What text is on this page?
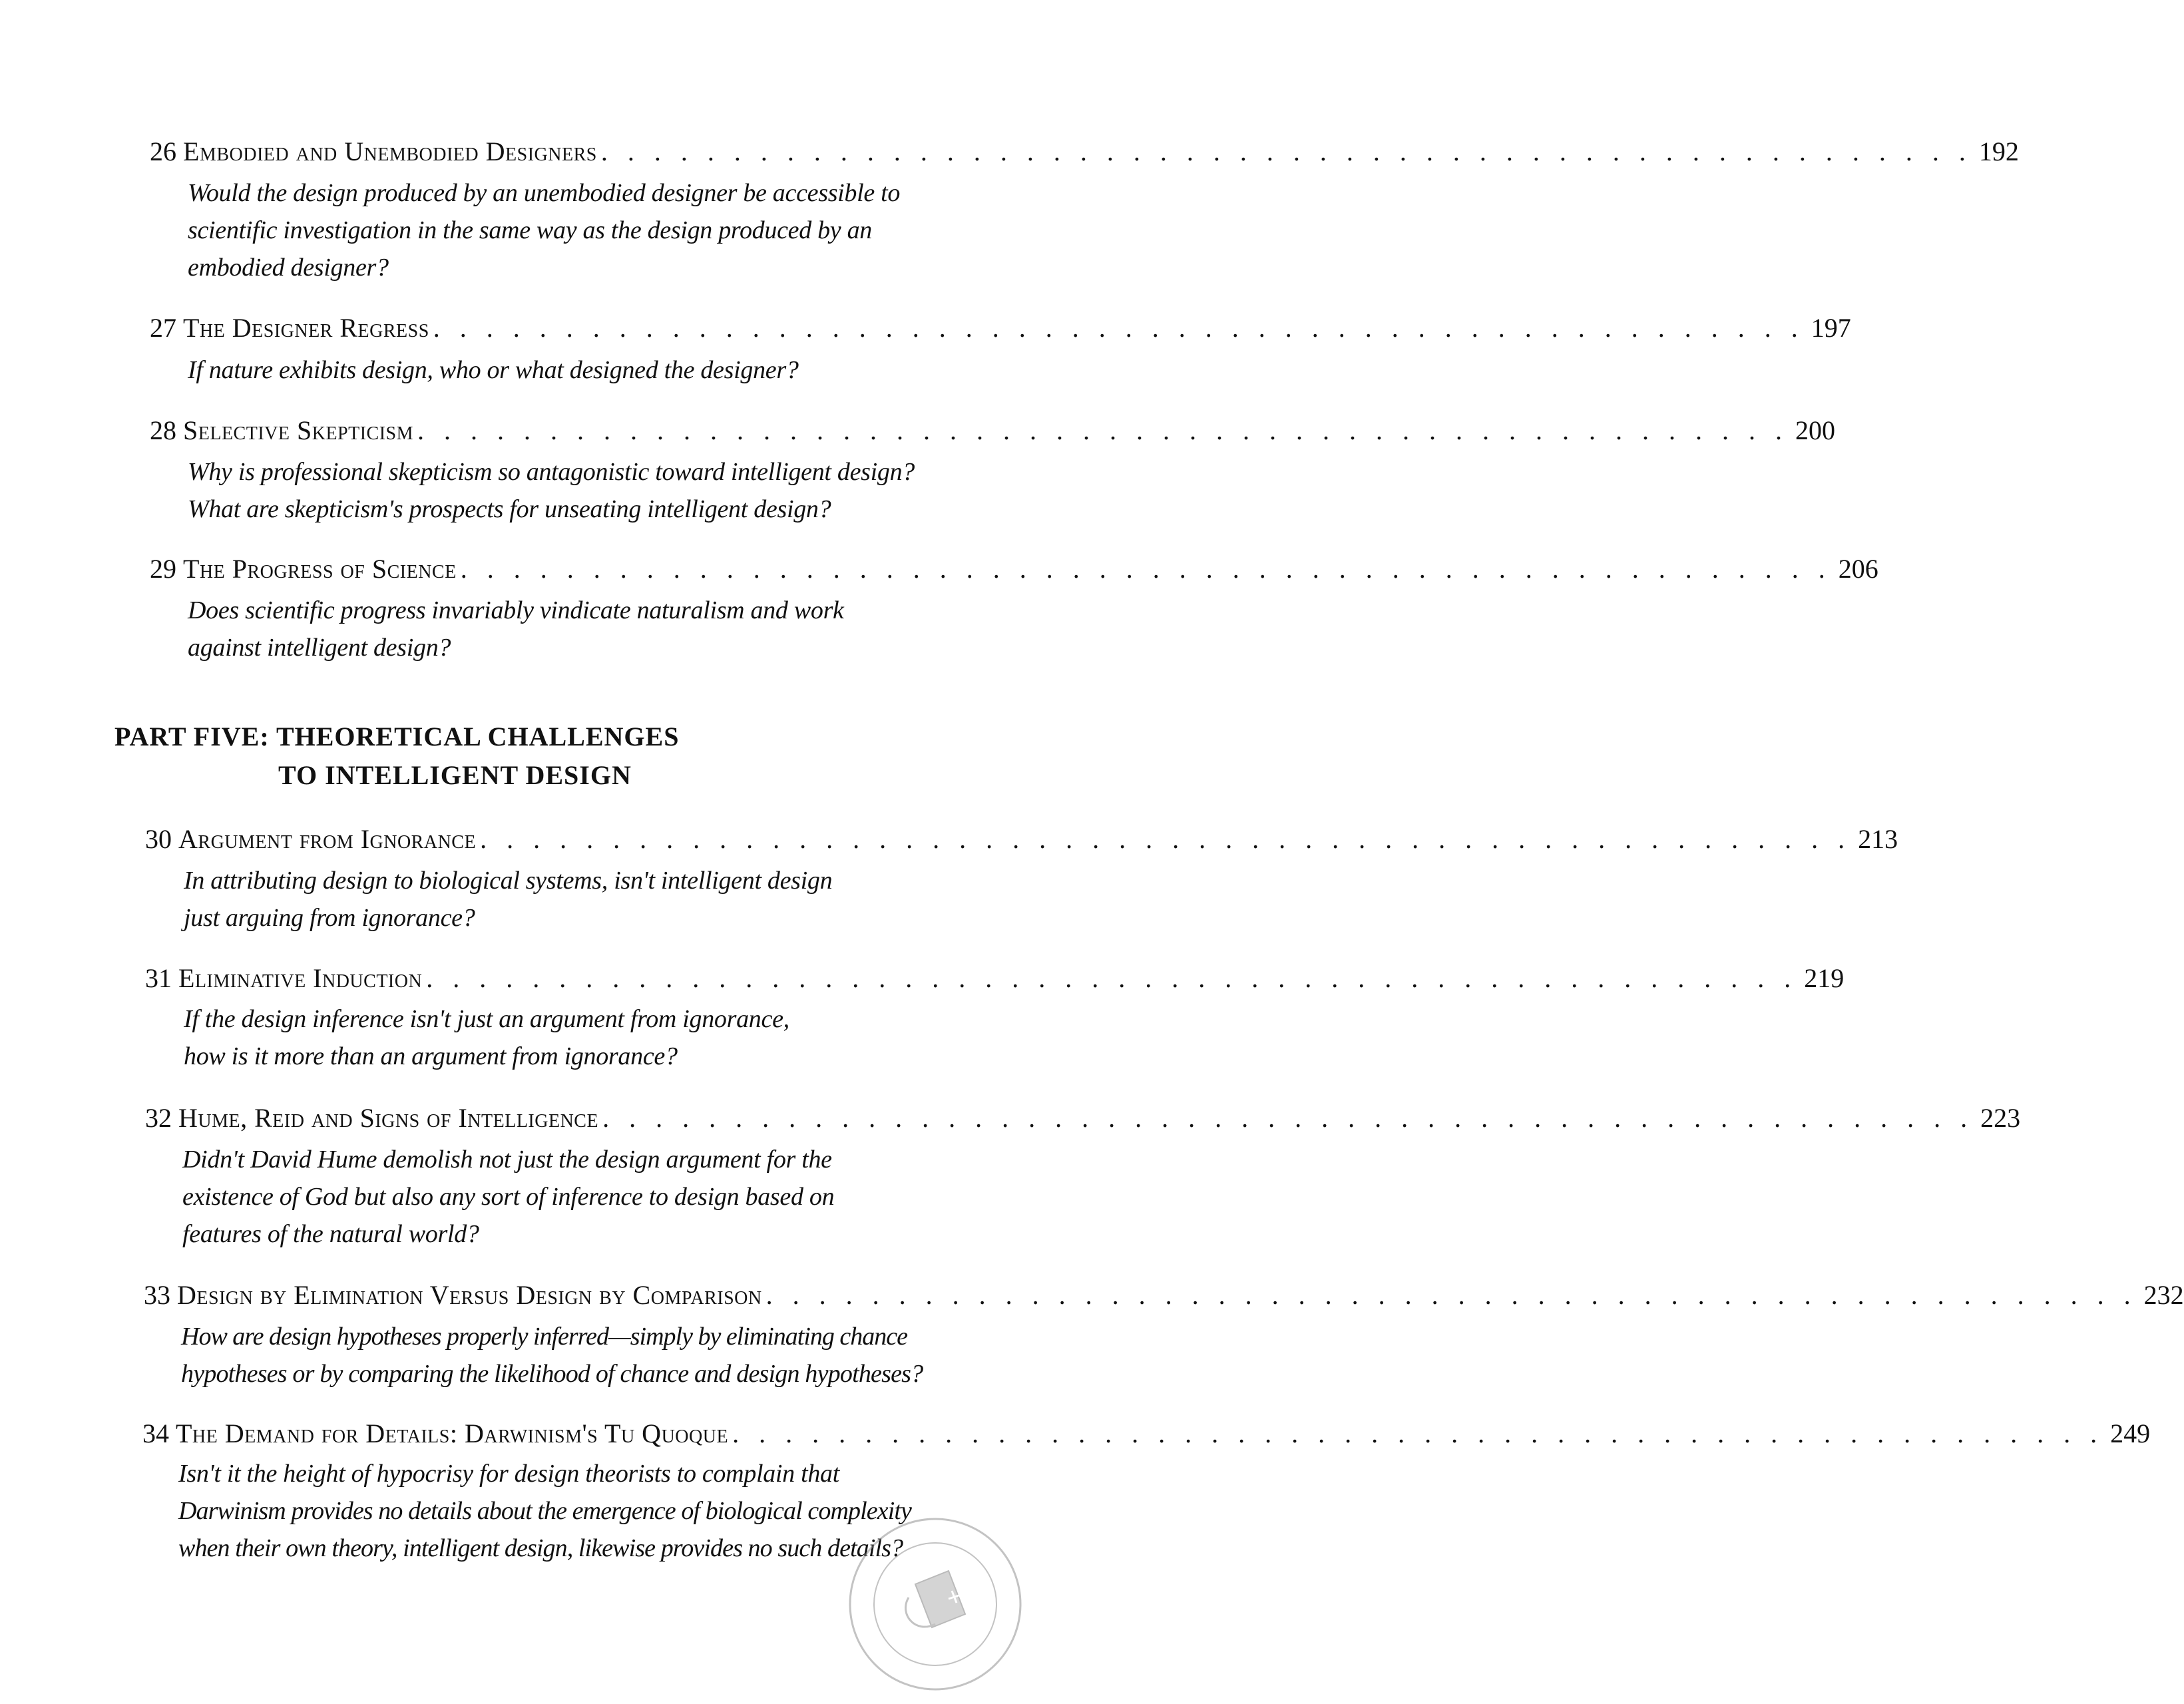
26
Embodied and Unembodied Designers . . . . . . . . . . . . . . . . . . . . . . . . . . . . . . . . . . . . . . . . . . . . . . . . . . . . 192
Would the design produced by an unembodied designer be accessible to
scientific investigation in the same way as the design produced by an
embodied designer?
27
The Designer Regress . . . . . . . . . . . . . . . . . . . . . . . . . . . . . . . . . . . . . . . . . . . . . . . . . . . . 197
If nature exhibits design, who or what designed the designer?
28
Selective Skepticism . . . . . . . . . . . . . . . . . . . . . . . . . . . . . . . . . . . . . . . . . . . . . . . . . . . . 200
Why is professional skepticism so antagonistic toward intelligent design?
What are skepticism's prospects for unseating intelligent design?
29
The Progress of Science . . . . . . . . . . . . . . . . . . . . . . . . . . . . . . . . . . . . . . . . . . . . . . . . . . . . 206
Does scientific progress invariably vindicate naturalism and work
against intelligent design?
PART FIVE: THEORETICAL CHALLENGES
TO INTELLIGENT DESIGN
30
Argument from Ignorance . . . . . . . . . . . . . . . . . . . . . . . . . . . . . . . . . . . . . . . . . . . . . . . . . . . . 213
In attributing design to biological systems, isn't intelligent design
just arguing from ignorance?
31
Eliminative Induction . . . . . . . . . . . . . . . . . . . . . . . . . . . . . . . . . . . . . . . . . . . . . . . . . . . . 219
If the design inference isn't just an argument from ignorance,
how is it more than an argument from ignorance?
32
Hume, Reid and Signs of Intelligence . . . . . . . . . . . . . . . . . . . . . . . . . . . . . . . . . . . . . . . . . . . . . . . . . . . . 223
Didn't David Hume demolish not just the design argument for the
existence of God but also any sort of inference to design based on
features of the natural world?
33
Design by Elimination Versus Design by Comparison . . . . . . . . . . . . . . . . . . . . . . . . . . . . . . . . . . . . . . . . . . . . . . . . . . . . 232
How are design hypotheses properly inferred—simply by eliminating chance
hypotheses or by comparing the likelihood of chance and design hypotheses?
34
The Demand for Details: Darwinism's Tu Quoque . . . . . . . . . . . . . . . . . . . . . . . . . . . . . . . . . . . . . . . . . . . . . . . . . . . . 249
Isn't it the height of hypocrisy for design theorists to complain that
Darwinism provides no details about the emergence of biological complexity
when their own theory, intelligent design, likewise provides no such details?
